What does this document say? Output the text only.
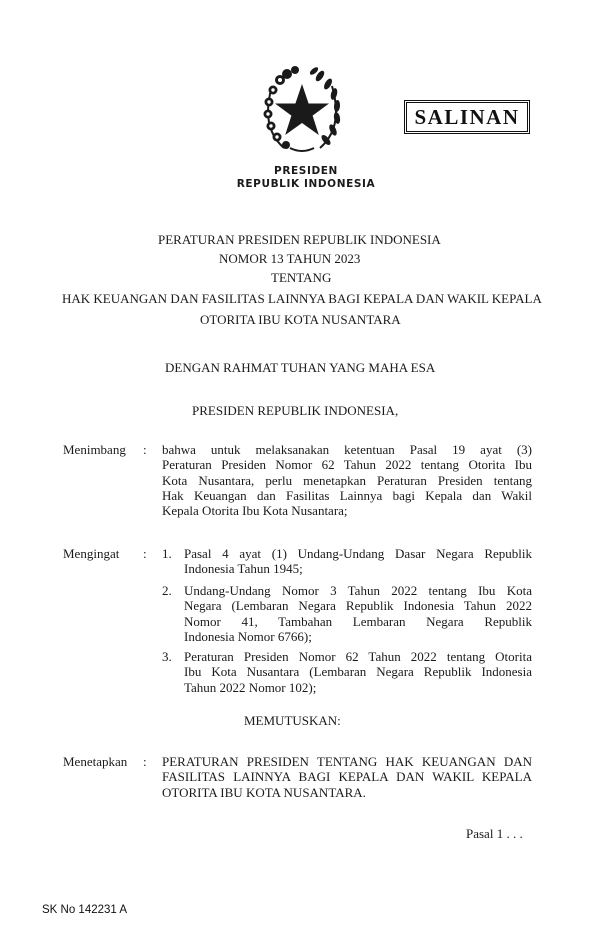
SALINAN
PRESIDEN
REPUBLIK INDONESIA
PERATURAN PRESIDEN REPUBLIK INDONESIA
NOMOR 13 TAHUN 2023
TENTANG
HAK KEUANGAN DAN FASILITAS LAINNYA BAGI KEPALA DAN WAKIL KEPALA
OTORITA IBU KOTA NUSANTARA
DENGAN RAHMAT TUHAN YANG MAHA ESA
PRESIDEN REPUBLIK INDONESIA,
Menimbang : bahwa untuk melaksanakan ketentuan Pasal 19 ayat (3)
Peraturan Presiden Nomor 62 Tahun 2022 tentang Otorita Ibu
Kota Nusantara, perlu menetapkan Peraturan Presiden tentang
Hak Keuangan dan Fasilitas Lainnya bagi Kepala dan Wakil
Kepala Otorita Ibu Kota Nusantara;
Mengingat : 1. Pasal 4 ayat (1) Undang-Undang Dasar Negara Republik
Indonesia Tahun 1945;
2. Undang-Undang Nomor 3 Tahun 2022 tentang Ibu Kota
Negara (Lembaran Negara Republik Indonesia Tahun 2022
Nomor 41, Tambahan Lembaran Negara Republik
Indonesia Nomor 6766);
3. Peraturan Presiden Nomor 62 Tahun 2022 tentang Otorita
Ibu Kota Nusantara (Lembaran Negara Republik Indonesia
Tahun 2022 Nomor 102);
MEMUTUSKAN:
Menetapkan : PERATURAN PRESIDEN TENTANG HAK KEUANGAN DAN
FASILITAS LAINNYA BAGI KEPALA DAN WAKIL KEPALA
OTORITA IBU KOTA NUSANTARA.
Pasal 1 . . .
SK No 142231 A
